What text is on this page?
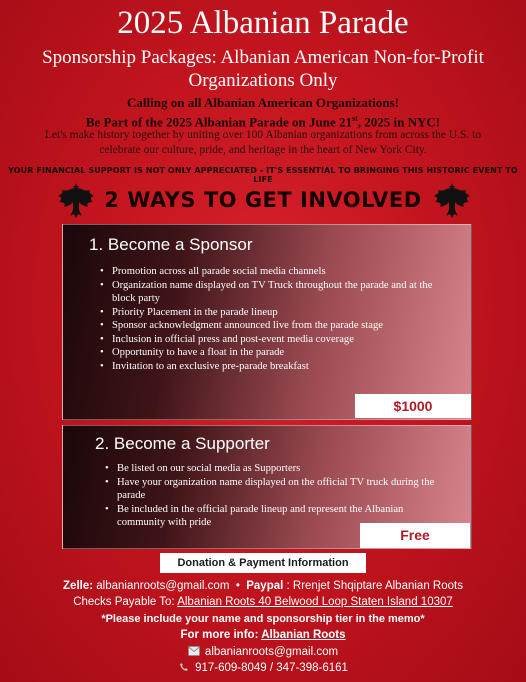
2025 Albanian Parade
Sponsorship Packages: Albanian American Non-for-Profit
Organizations Only
Calling on all Albanian American Organizations!
Be Part of the 2025 Albanian Parade on June 21st, 2025 in NYC!
Let's make history together by uniting over 100 Albanian organizations from across the U.S. to celebrate our culture, pride, and heritage in the heart of New York City.
YOUR FINANCIAL SUPPORT IS NOT ONLY APPRECIATED - IT'S ESSENTIAL TO BRINGING THIS HISTORIC EVENT TO LIFE
2 WAYS TO GET INVOLVED
1. Become a Sponsor
• Promotion across all parade social media channels
• Organization name displayed on TV Truck throughout the parade and at the block party
• Priority Placement in the parade lineup
• Sponsor acknowledgment announced live from the parade stage
• Inclusion in official press and post-event media coverage
• Opportunity to have a float in the parade
• Invitation to an exclusive pre-parade breakfast
$1000
2. Become a Supporter
• Be listed on our social media as Supporters
• Have your organization name displayed on the official TV truck during the parade
• Be included in the official parade lineup and represent the Albanian community with pride
Free
Donation & Payment Information
Zelle: albanianroots@gmail.com • Paypal : Rrenjet Shqiptare Albanian Roots
Checks Payable To: Albanian Roots 40 Belwood Loop Staten Island 10307
*Please include your name and sponsorship tier in the memo*
For more info: Albanian Roots
albanianroots@gmail.com
917-609-8049 / 347-398-6161
